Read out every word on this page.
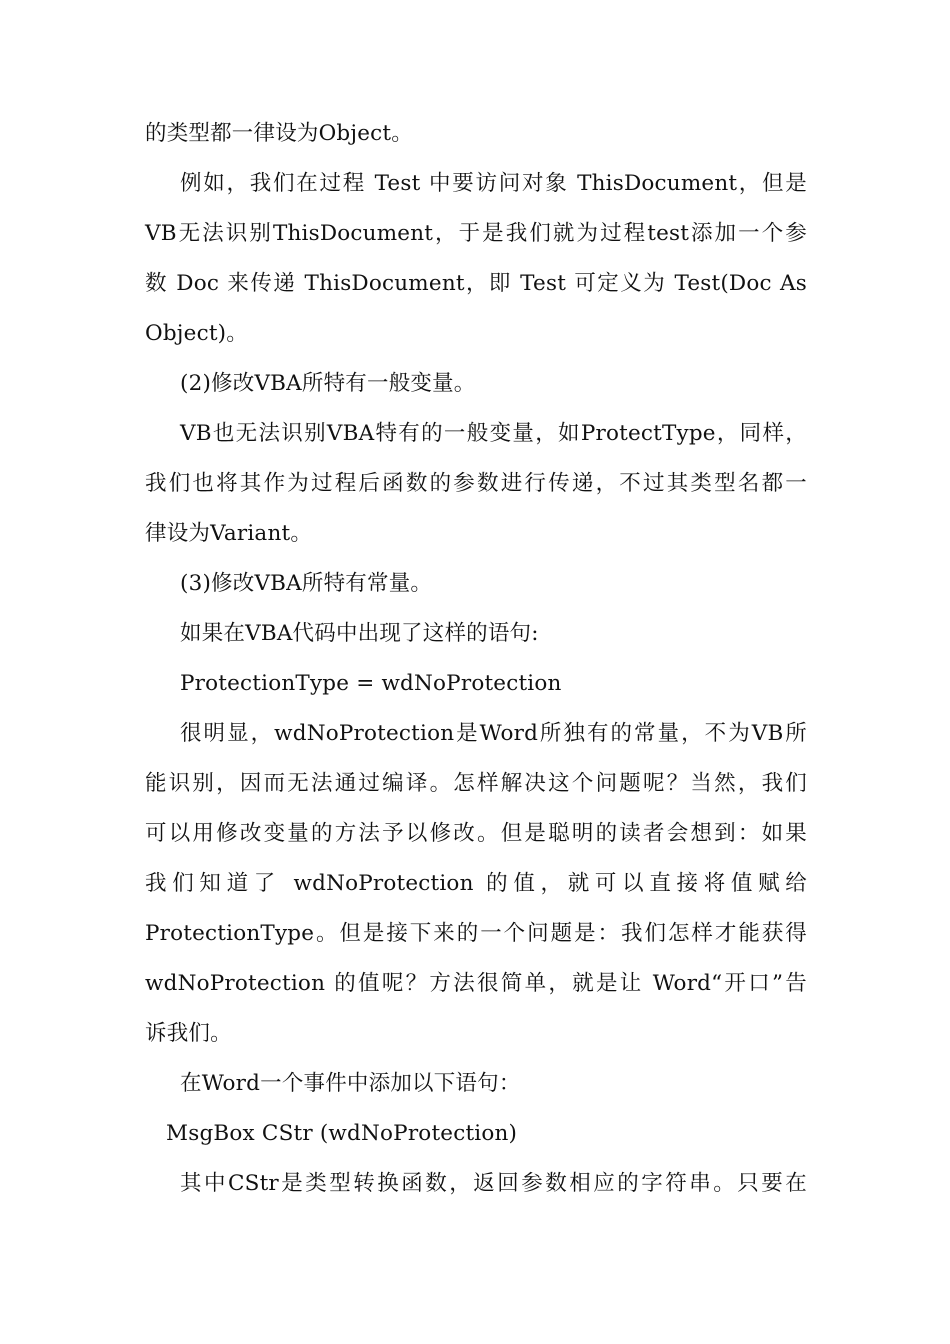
的类型都一律设为Object。
例如，我们在过程 Test 中要访问对象 ThisDocument，但是
VB无法识别ThisDocument，于是我们就为过程test添加一个参
数 Doc 来传递 ThisDocument，即 Test 可定义为 Test(Doc As
Object)。
(2)修改VBA所特有一般变量。
VB也无法识别VBA特有的一般变量，如ProtectType，同样，
我们也将其作为过程后函数的参数进行传递，不过其类型名都一
律设为Variant。
(3)修改VBA所特有常量。
如果在VBA代码中出现了这样的语句:
ProtectionType = wdNoProtection
很明显，wdNoProtection是Word所独有的常量，不为VB所
能识别，因而无法通过编译。怎样解决这个问题呢？当然，我们
可以用修改变量的方法予以修改。但是聪明的读者会想到：如果
我们知道了 wdNoProtection 的值，就可以直接将值赋给
ProtectionType。但是接下来的一个问题是：我们怎样才能获得
wdNoProtection 的值呢？方法很简单，就是让 Word“开口”告
诉我们。
在Word一个事件中添加以下语句：
MsgBox CStr (wdNoProtection)
其中CStr是类型转换函数，返回参数相应的字符串。只要在
